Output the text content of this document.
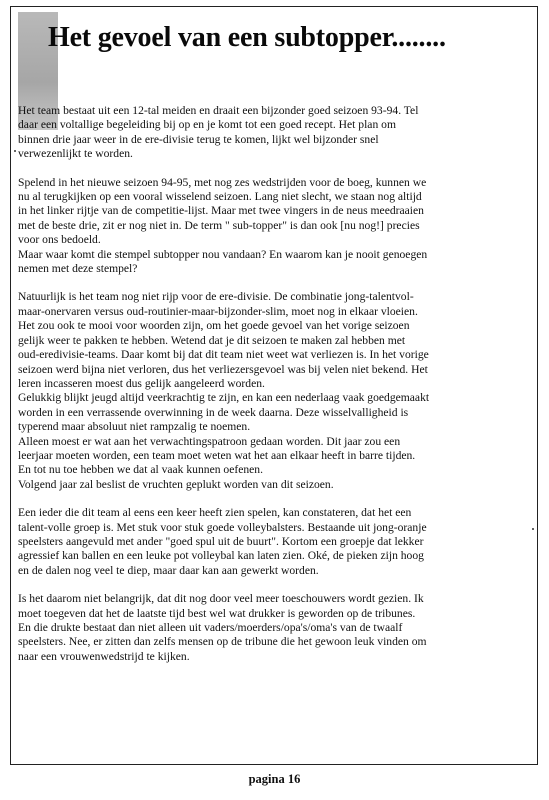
Het gevoel van een subtopper........

Het team bestaat uit een 12-tal meiden en draait een bijzonder goed seizoen 93-94. Tel
daar een voltallige begeleiding bij op en je komt tot een goed recept. Het plan om
binnen drie jaar weer in de ere-divisie terug te komen, lijkt wel bijzonder snel
verwezenlijkt te worden.

Spelend in het nieuwe seizoen 94-95, met nog zes wedstrijden voor de boeg, kunnen we
nu al terugkijken op een vooral wisselend seizoen. Lang niet slecht, we staan nog altijd
in het linker rijtje van de competitie-lijst. Maar met twee vingers in de neus meedraaien
met de beste drie, zit er nog niet in. De term " sub-topper" is dan ook [nu nog!] precies
voor ons bedoeld.
Maar waar komt die stempel subtopper nou vandaan? En waarom kan je nooit genoegen
nemen met deze stempel?

Natuurlijk is het team nog niet rijp voor de ere-divisie. De combinatie jong-talentvol-
maar-onervaren versus oud-routinier-maar-bijzonder-slim, moet nog in elkaar vloeien.
Het zou ook te mooi voor woorden zijn, om het goede gevoel van het vorige seizoen
gelijk weer te pakken te hebben. Wetend dat je dit seizoen te maken zal hebben met
oud-eredivisie-teams. Daar komt bij dat dit team niet weet wat verliezen is. In het vorige
seizoen werd bijna niet verloren, dus het verliezersgevoel was bij velen niet bekend. Het
leren incasseren moest dus gelijk aangeleerd worden.
Gelukkig blijkt jeugd altijd veerkrachtig te zijn, en kan een nederlaag vaak goedgemaakt
worden in een verrassende overwinning in de week daarna. Deze wisselvalligheid is
typerend maar absoluut niet rampzalig te noemen.
Alleen moest er wat aan het verwachtingspatroon gedaan worden. Dit jaar zou een
leerjaar moeten worden, een team moet weten wat het aan elkaar heeft in barre tijden.
En tot nu toe hebben we dat al vaak kunnen oefenen.
Volgend jaar zal beslist de vruchten geplukt worden van dit seizoen.

Een ieder die dit team al eens een keer heeft zien spelen, kan constateren, dat het een
talent-volle groep is. Met stuk voor stuk goede volleybalsters. Bestaande uit jong-oranje
speelsters aangevuld met ander "goed spul uit de buurt". Kortom een groepje dat lekker
agressief kan ballen en een leuke pot volleybal kan laten zien. Oké, de pieken zijn hoog
en de dalen nog veel te diep, maar daar kan aan gewerkt worden.

Is het daarom niet belangrijk, dat dit nog door veel meer toeschouwers wordt gezien. Ik
moet toegeven dat het de laatste tijd best wel wat drukker is geworden op de tribunes.
En die drukte bestaat dan niet alleen uit vaders/moerders/opa's/oma's van de twaalf
speelsters. Nee, er zitten dan zelfs mensen op de tribune die het gewoon leuk vinden om
naar een vrouwenwedstrijd te kijken.

pagina 16
